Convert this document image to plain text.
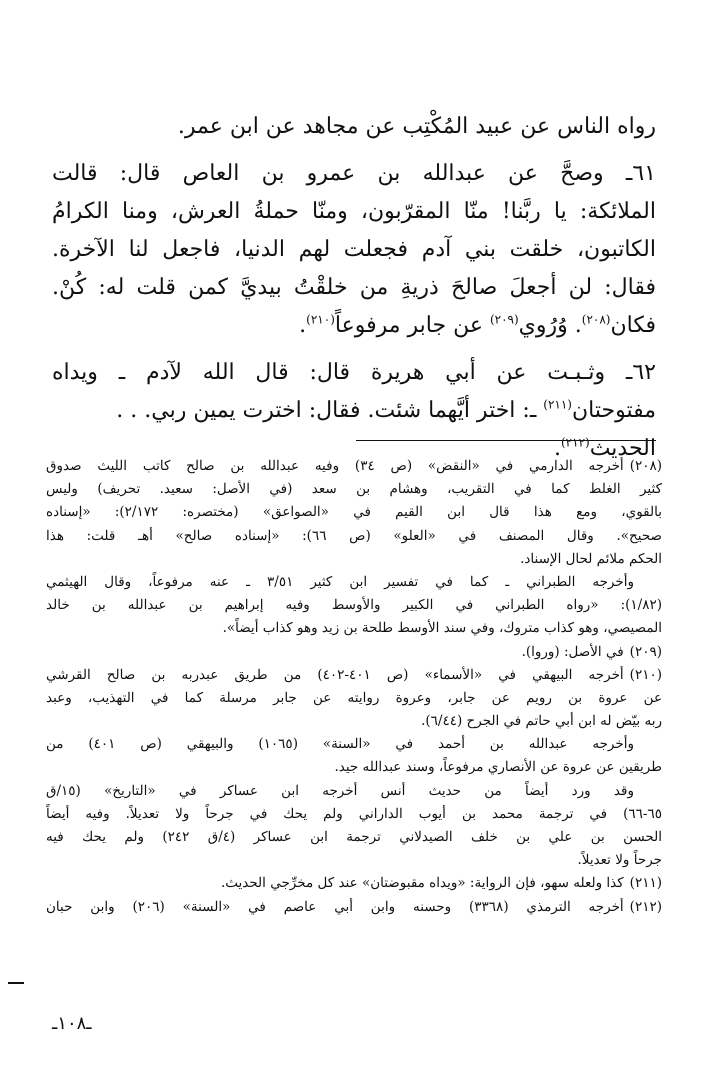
رواه الناس عن عبيد المُكْتِب عن مجاهد عن ابن عمر.
٦١ـ وصحَّ عن عبدالله بن عمرو بن العاص قال: قالت
الملائكة: يا ربَّنا! منّا المقرّبون، ومنّا حملةُ العرش، ومنا الكرامُ
الكاتبون، خلقت بني آدم فجعلت لهم الدنيا، فاجعل لنا الآخرة.
فقال: لن أجعلَ صالحَ ذريةِ من خلقْتُ بيديَّ كمن قلت له: كُنْ.
فكان$^{(٢٠٨)}$. وُرُوي$^{(٢٠٩)}$ عن جابر مرفوعاً$^{(٢١٠)}$.
٦٢ـ وثـبـت عن أبي هريرة قال: قال الله لآدم ـ ويداه
مفتوحتان$^{(٢١١)}$ ـ: اختر أيَّهما شئت. فقال: اخترت يمين ربي. . .
الحديث$^{(٢١٢)}$.
(٢٠٨)أخرجه الدارمي في «النقض» (ص ٣٤) وفيه عبدالله بن صالح كاتب الليث صدوق
كثير الغلط كما في التقريب، وهشام بن سعد (في الأصل: سعيد. تحريف) وليس
بالقوي، ومع هذا قال ابن القيم في «الصواعق» (مختصره: ٢/١٧٢): «إسناده
صحيح». وقال المصنف في «العلو» (ص ٦٦): «إسناده صالح» أهـ قلت: هذا
الحكم ملائم لحال الإسناد.
وأخرجه الطبراني ـ كما في تفسير ابن كثير ٣/٥١ ـ عنه مرفوعاً، وقال الهيثمي
(١/٨٢): «رواه الطبراني في الكبير والأوسط وفيه إبراهيم بن عبدالله بن خالد
المصيصي، وهو كذاب متروك، وفي سند الأوسط طلحة بن زيد وهو كذاب أيضاً».
(٢٠٩)في الأصل: (وروا).
(٢١٠)أخرجه البيهقي في «الأسماء» (ص ٤٠١-٤٠٢) من طريق عبدربه بن صالح القرشي
عن عروة بن رويم عن جابر، وعروة روايته عن جابر مرسلة كما في التهذيب، وعبد
ربه بيّض له ابن أبي حاتم في الجرح (٦/٤٤).
وأخرجه عبدالله بن أحمد في «السنة» (١٠٦٥) والبيهقي (ص ٤٠١) من
طريقين عن عروة عن الأنصاري مرفوعاً، وسند عبدالله جيد.
وقد ورد أيضاً من حديث أنس أخرجه ابن عساكر في «التاريخ» (١٥/ق
٦٥-٦٦) في ترجمة محمد بن أيوب الداراني ولم يحك في جرحاً ولا تعديلاً. وفيه أيضاً
الحسن بن علي بن خلف الصيدلاني ترجمة ابن عساكر (٤/ق ٢٤٢) ولم يحك فيه
جرحاً ولا تعديلاً.
(٢١١)كذا ولعله سهو، فإن الرواية: «ويداه مقبوضتان» عند كل مخرِّجي الحديث.
(٢١٢)أخرجه الترمذي (٣٣٦٨) وحسنه وابن أبي عاصم في «السنة» (٢٠٦) وابن حبان
ـ١٠٨ـ
